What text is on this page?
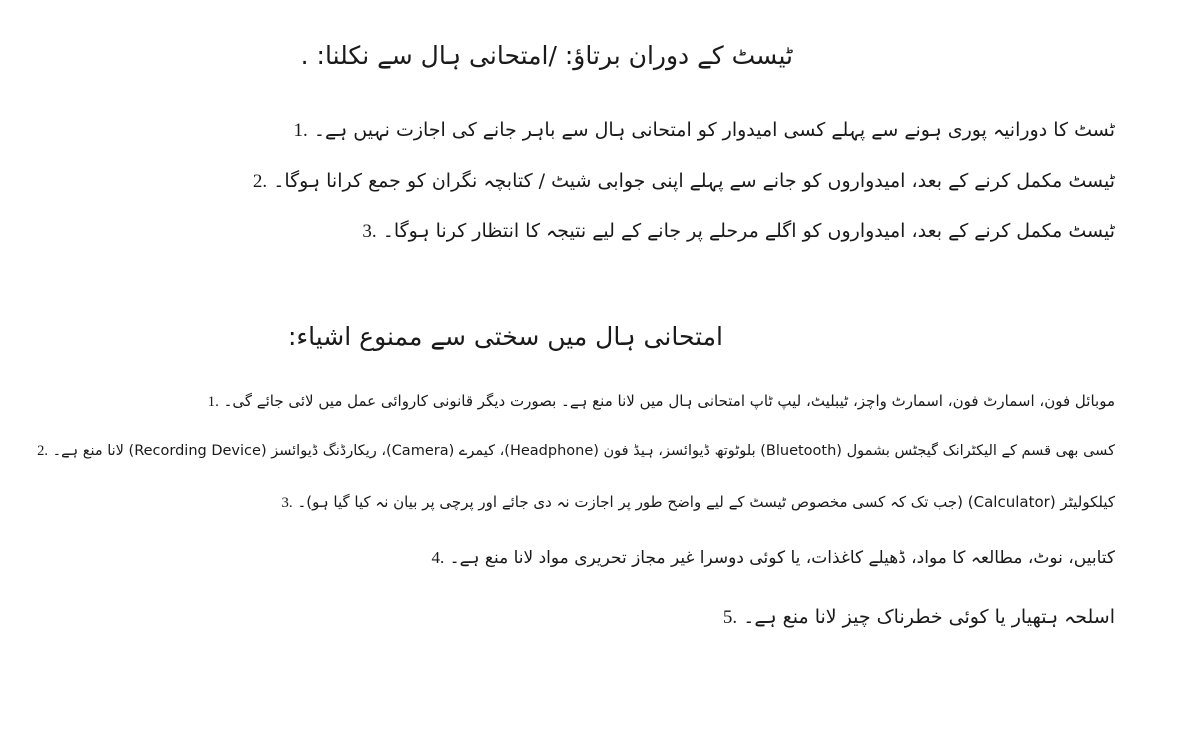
ٹیسٹ کے دوران برتاؤ: /امتحانی ہال سے نکلنا: .
ٹسٹ کا دورانیہ پوری ہونے سے پہلے کسی امیدوار کو امتحانی ہال سے باہر جانے کی اجازت نہیں ہے۔ 1.
ٹیسٹ مکمل کرنے کے بعد، امیدواروں کو جانے سے پہلے اپنی جوابی شیٹ / کتابچہ نگران کو جمع کرانا ہوگا۔ 2.
ٹیسٹ مکمل کرنے کے بعد، امیدواروں کو اگلے مرحلے پر جانے کے لیے نتیجہ کا انتظار کرنا ہوگا۔ 3.
امتحانی ہال میں سختی سے ممنوع اشیاء:
موبائل فون، اسمارٹ فون، اسمارٹ واچز، ٹیبلیٹ، لیپ ٹاپ امتحانی ہال میں لانا منع ہے۔ بصورت دیگر قانونی کاروائی عمل میں لائی جائے گی۔ 1.
کسی بھی قسم کے الیکٹرانک گیجٹس بشمول (Bluetooth) بلوٹوتھ ڈیوائسز، ہیڈ فون (Headphone)، کیمرے (Camera)، ریکارڈنگ ڈیوائسز (Recording Device) لانا منع ہے۔ 2.
کیلکولیٹر (Calculator) (جب تک کہ کسی مخصوص ٹیسٹ کے لیے واضح طور پر اجازت نہ دی جائے اور پرچی پر بیان نہ کیا گیا ہو)۔ 3.
کتابیں، نوٹ، مطالعہ کا مواد، ڈھیلے کاغذات، یا کوئی دوسرا غیر مجاز تحریری مواد لانا منع ہے۔ 4.
اسلحہ ہتھیار یا کوئی خطرناک چیز لانا منع ہے۔ 5.
